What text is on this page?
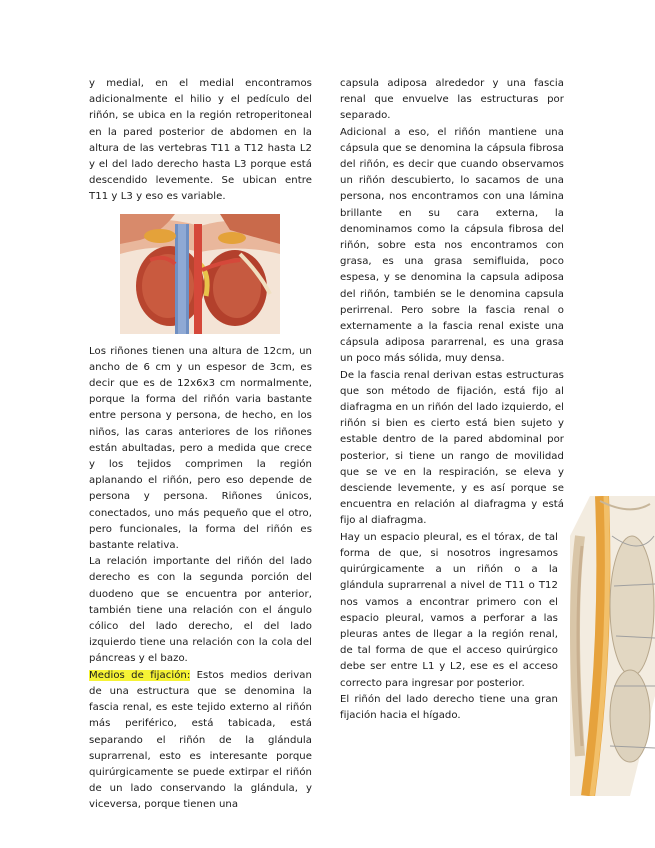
y medial, en el medial encontramos adicionalmente el hilio y el pedículo del riñón, se ubica en la región retroperitoneal en la pared posterior de abdomen en la altura de las vertebras T11 a T12 hasta L2 y el del lado derecho hasta L3 porque está descendido levemente. Se ubican entre T11 y L3 y eso es variable.

Los riñones tienen una altura de 12cm, un ancho de 6 cm y un espesor de 3cm, es decir que es de 12x6x3 cm normalmente, porque la forma del riñón varia bastante entre persona y persona, de hecho, en los niños, las caras anteriores de los riñones están abultadas, pero a medida que crece y los tejidos comprimen la región aplanando el riñón, pero eso depende de persona y persona. Riñones únicos, conectados, uno más pequeño que el otro, pero funcionales, la forma del riñón es bastante relativa.

La relación importante del riñón del lado derecho es con la segunda porción del duodeno que se encuentra por anterior, también tiene una relación con el ángulo cólico del lado derecho, el del lado izquierdo tiene una relación con la cola del páncreas y el bazo.

Medios de fijación: Estos medios derivan de una estructura que se denomina la fascia renal, es este tejido externo al riñón más periférico, está tabicada, está separando el riñón de la glándula suprarrenal, esto es interesante porque quirúrgicamente se puede extirpar el riñón de un lado conservando la glándula, y viceversa, porque tienen una

capsula adiposa alrededor y una fascia renal que envuelve las estructuras por separado.

Adicional a eso, el riñón mantiene una cápsula que se denomina la cápsula fibrosa del riñón, es decir que cuando observamos un riñón descubierto, lo sacamos de una persona, nos encontramos con una lámina brillante en su cara externa, la denominamos como la cápsula fibrosa del riñón, sobre esta nos encontramos con grasa, es una grasa semifluida, poco espesa, y se denomina la capsula adiposa del riñón, también se le denomina capsula perirrenal. Pero sobre la fascia renal o externamente a la fascia renal existe una cápsula adiposa pararrenal, es una grasa un poco más sólida, muy densa.

De la fascia renal derivan estas estructuras que son método de fijación, está fijo al diafragma en un riñón del lado izquierdo, el riñón si bien es cierto está bien sujeto y estable dentro de la pared abdominal por posterior, si tiene un rango de movilidad que se ve en la respiración, se eleva y desciende levemente, y es así porque se encuentra en relación al diafragma y está fijo al diafragma.

Hay un espacio pleural, es el tórax, de tal forma de que, si nosotros ingresamos quirúrgicamente a un riñón o a la glándula suprarrenal a nivel de T11 o T12 nos vamos a encontrar primero con el espacio pleural, vamos a perforar a las pleuras antes de llegar a la región renal, de tal forma de que el acceso quirúrgico debe ser entre L1 y L2, ese es el acceso correcto para ingresar por posterior.

El riñón del lado derecho tiene una gran fijación hacia el hígado.
